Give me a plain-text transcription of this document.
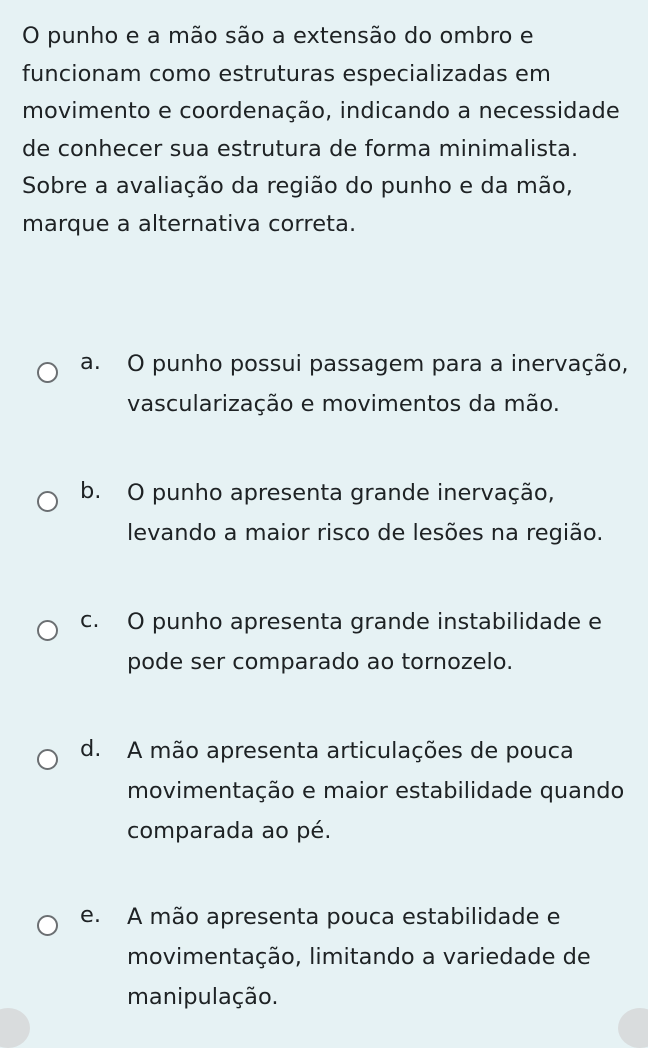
O punho e a mão são a extensão do ombro e funcionam como estruturas especializadas em movimento e coordenação, indicando a necessidade de conhecer sua estrutura de forma minimalista.

Sobre a avaliação da região do punho e da mão, marque a alternativa correta.

a. O punho possui passagem para a inervação, vascularização e movimentos da mão.
b. O punho apresenta grande inervação, levando a maior risco de lesões na região.
c. O punho apresenta grande instabilidade e pode ser comparado ao tornozelo.
d. A mão apresenta articulações de pouca movimentação e maior estabilidade quando comparada ao pé.
e. A mão apresenta pouca estabilidade e movimentação, limitando a variedade de manipulação.
